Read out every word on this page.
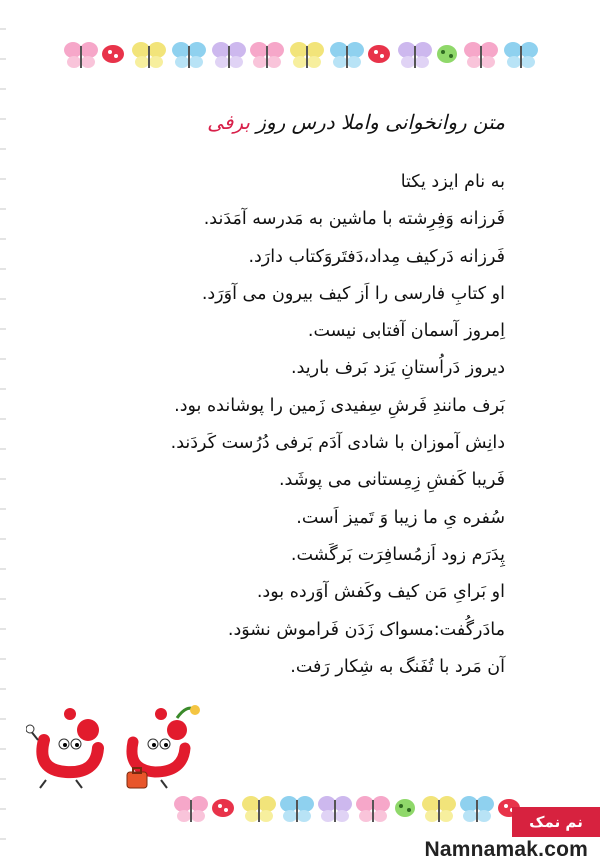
متن روانخوانی واملا درس روز برفی
به نام ایزد یکتا
فَرزانه وَفِرِشته با ماشین به مَدرسه آمَدَند.
فَرزانه دَرکیف مِداد،دَفتَروَکتاب دارَد.
او کتابِ فارسی را اَز کیف بیرون می آوَرَد.
اِمروز آسمان آفتابی نیست.
دیروز دَراُستانِ یَزد بَرف بارید.
بَرف مانندِ فَرشِ سِفیدی زَمین را پوشانده بود.
دانِش آموزان با شادی آدَم بَرفی دُرُست کَردَند.
فَریبا کَفشِ زِمِستانی می پوشَد.
سُفره یِ ما زیبا وَ تَمیز اَست.
پِدَرَم زود اَزمُسافِرَت بَرگَشت.
او بَرایِ مَن کیف وکَفش آوَرده بود.
مادَرگُفت:مسواک زَدَن فَراموش نشوَد.
آن مَرد با تُفَنگ به شِکار رَفت.
نم نمک
Namnamak.com
